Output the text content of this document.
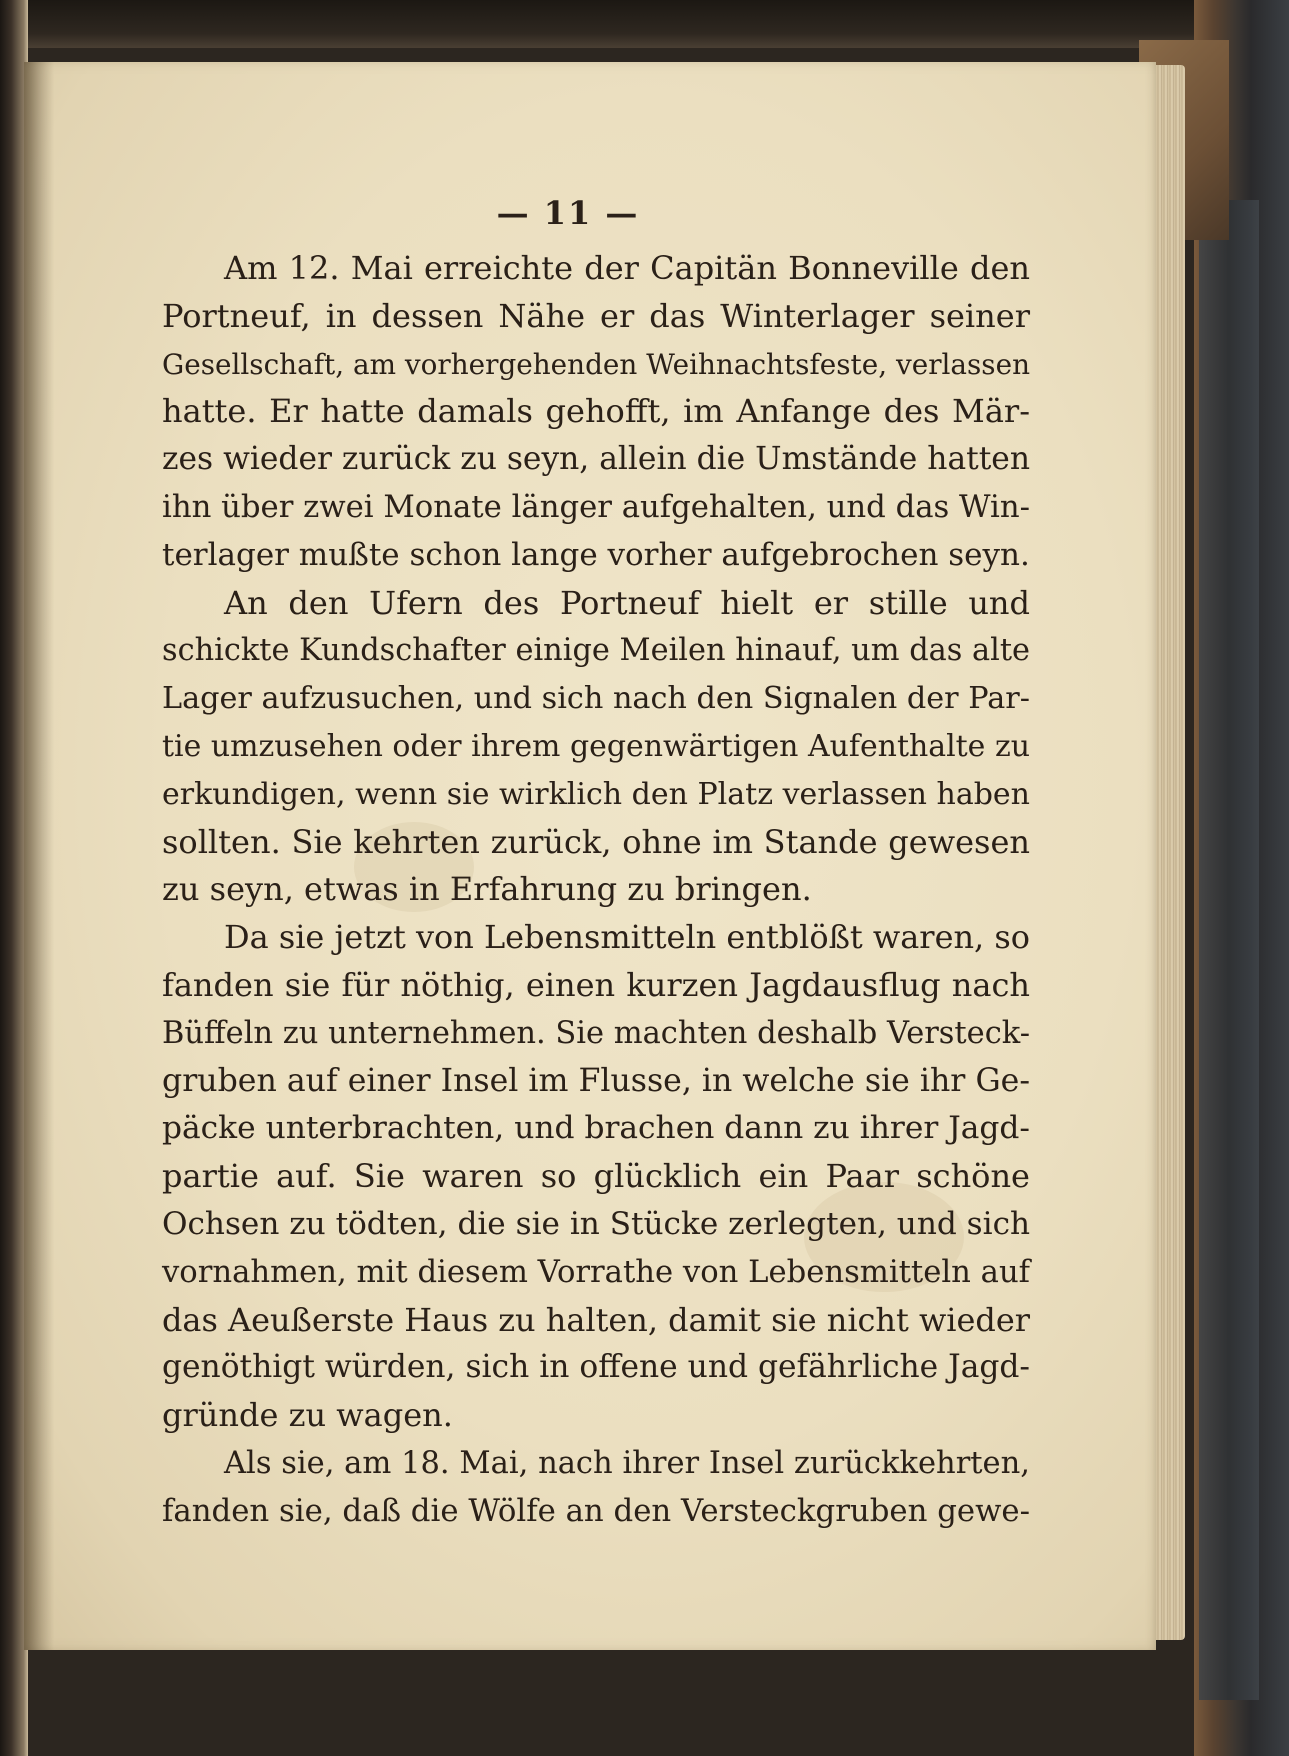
— 11 —
Am 12. Mai erreichte der Capitän Bonneville den
Portneuf, in dessen Nähe er das Winterlager seiner
Gesellschaft, am vorhergehenden Weihnachtsfeste, verlassen
hatte. Er hatte damals gehofft, im Anfange des Mär-
zes wieder zurück zu seyn, allein die Umstände hatten
ihn über zwei Monate länger aufgehalten, und das Win-
terlager mußte schon lange vorher aufgebrochen seyn.
An den Ufern des Portneuf hielt er stille und
schickte Kundschafter einige Meilen hinauf, um das alte
Lager aufzusuchen, und sich nach den Signalen der Par-
tie umzusehen oder ihrem gegenwärtigen Aufenthalte zu
erkundigen, wenn sie wirklich den Platz verlassen haben
sollten. Sie kehrten zurück, ohne im Stande gewesen
zu seyn, etwas in Erfahrung zu bringen.
Da sie jetzt von Lebensmitteln entblößt waren, so
fanden sie für nöthig, einen kurzen Jagdausflug nach
Büffeln zu unternehmen. Sie machten deshalb Versteck-
gruben auf einer Insel im Flusse, in welche sie ihr Ge-
päcke unterbrachten, und brachen dann zu ihrer Jagd-
partie auf. Sie waren so glücklich ein Paar schöne
Ochsen zu tödten, die sie in Stücke zerlegten, und sich
vornahmen, mit diesem Vorrathe von Lebensmitteln auf
das Aeußerste Haus zu halten, damit sie nicht wieder
genöthigt würden, sich in offene und gefährliche Jagd-
gründe zu wagen.
Als sie, am 18. Mai, nach ihrer Insel zurückkehrten,
fanden sie, daß die Wölfe an den Versteckgruben gewe-
